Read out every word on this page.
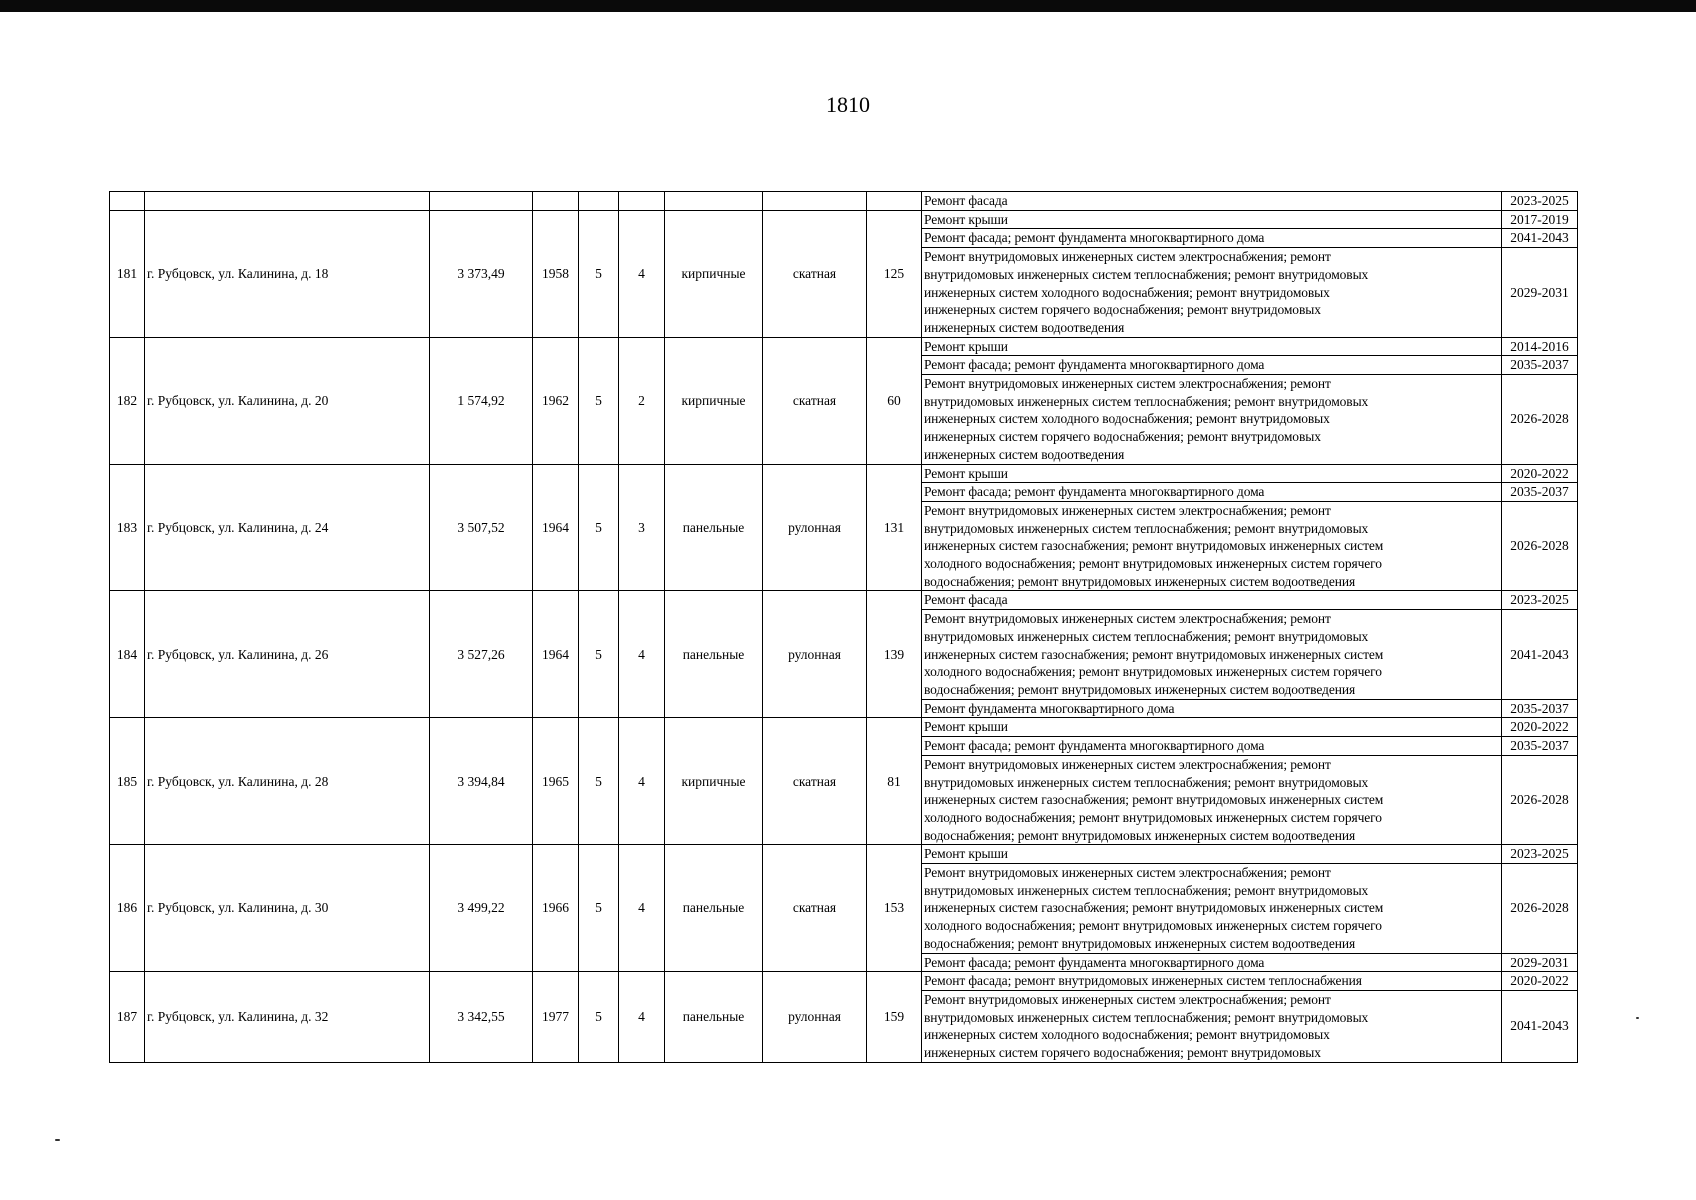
1810
									Ремонт фасада	2023-2025
181	г. Рубцовск, ул. Калинина, д. 18	3 373,49	1958	5	4	кирпичные	скатная	125	Ремонт крыши	2017-2019

									Ремонт фасада; ремонт фундамента многоквартирного дома	2041-2043

									Ремонт внутридомовых инженерных систем электроснабжения; ремонт
внутридомовых инженерных систем теплоснабжения; ремонт внутридомовых
инженерных систем холодного водоснабжения; ремонт внутридомовых
инженерных систем горячего водоснабжения; ремонт внутридомовых
инженерных систем водоотведения	2029-2031
182	г. Рубцовск, ул. Калинина, д. 20	1 574,92	1962	5	2	кирпичные	скатная	60	Ремонт крыши	2014-2016

									Ремонт фасада; ремонт фундамента многоквартирного дома	2035-2037

									Ремонт внутридомовых инженерных систем электроснабжения; ремонт
внутридомовых инженерных систем теплоснабжения; ремонт внутридомовых
инженерных систем холодного водоснабжения; ремонт внутридомовых
инженерных систем горячего водоснабжения; ремонт внутридомовых
инженерных систем водоотведения	2026-2028
183	г. Рубцовск, ул. Калинина, д. 24	3 507,52	1964	5	3	панельные	рулонная	131	Ремонт крыши	2020-2022

									Ремонт фасада; ремонт фундамента многоквартирного дома	2035-2037

									Ремонт внутридомовых инженерных систем электроснабжения; ремонт
внутридомовых инженерных систем теплоснабжения; ремонт внутридомовых
инженерных систем газоснабжения; ремонт внутридомовых инженерных систем
холодного водоснабжения; ремонт внутридомовых инженерных систем горячего
водоснабжения; ремонт внутридомовых инженерных систем водоотведения	2026-2028
184	г. Рубцовск, ул. Калинина, д. 26	3 527,26	1964	5	4	панельные	рулонная	139	Ремонт фасада	2023-2025

									Ремонт внутридомовых инженерных систем электроснабжения; ремонт
внутридомовых инженерных систем теплоснабжения; ремонт внутридомовых
инженерных систем газоснабжения; ремонт внутридомовых инженерных систем
холодного водоснабжения; ремонт внутридомовых инженерных систем горячего
водоснабжения; ремонт внутридомовых инженерных систем водоотведения	2041-2043

									Ремонт фундамента многоквартирного дома	2035-2037
185	г. Рубцовск, ул. Калинина, д. 28	3 394,84	1965	5	4	кирпичные	скатная	81	Ремонт крыши	2020-2022

									Ремонт фасада; ремонт фундамента многоквартирного дома	2035-2037

									Ремонт внутридомовых инженерных систем электроснабжения; ремонт
внутридомовых инженерных систем теплоснабжения; ремонт внутридомовых
инженерных систем газоснабжения; ремонт внутридомовых инженерных систем
холодного водоснабжения; ремонт внутридомовых инженерных систем горячего
водоснабжения; ремонт внутридомовых инженерных систем водоотведения	2026-2028
186	г. Рубцовск, ул. Калинина, д. 30	3 499,22	1966	5	4	панельные	скатная	153	Ремонт крыши	2023-2025

									Ремонт внутридомовых инженерных систем электроснабжения; ремонт
внутридомовых инженерных систем теплоснабжения; ремонт внутридомовых
инженерных систем газоснабжения; ремонт внутридомовых инженерных систем
холодного водоснабжения; ремонт внутридомовых инженерных систем горячего
водоснабжения; ремонт внутридомовых инженерных систем водоотведения	2026-2028

									Ремонт фасада; ремонт фундамента многоквартирного дома	2029-2031
187	г. Рубцовск, ул. Калинина, д. 32	3 342,55	1977	5	4	панельные	рулонная	159	Ремонт фасада; ремонт внутридомовых инженерных систем теплоснабжения	2020-2022

									Ремонт внутридомовых инженерных систем электроснабжения; ремонт
внутридомовых инженерных систем теплоснабжения; ремонт внутридомовых
инженерных систем холодного водоснабжения; ремонт внутридомовых
инженерных систем горячего водоснабжения; ремонт внутридомовых	2041-2043
